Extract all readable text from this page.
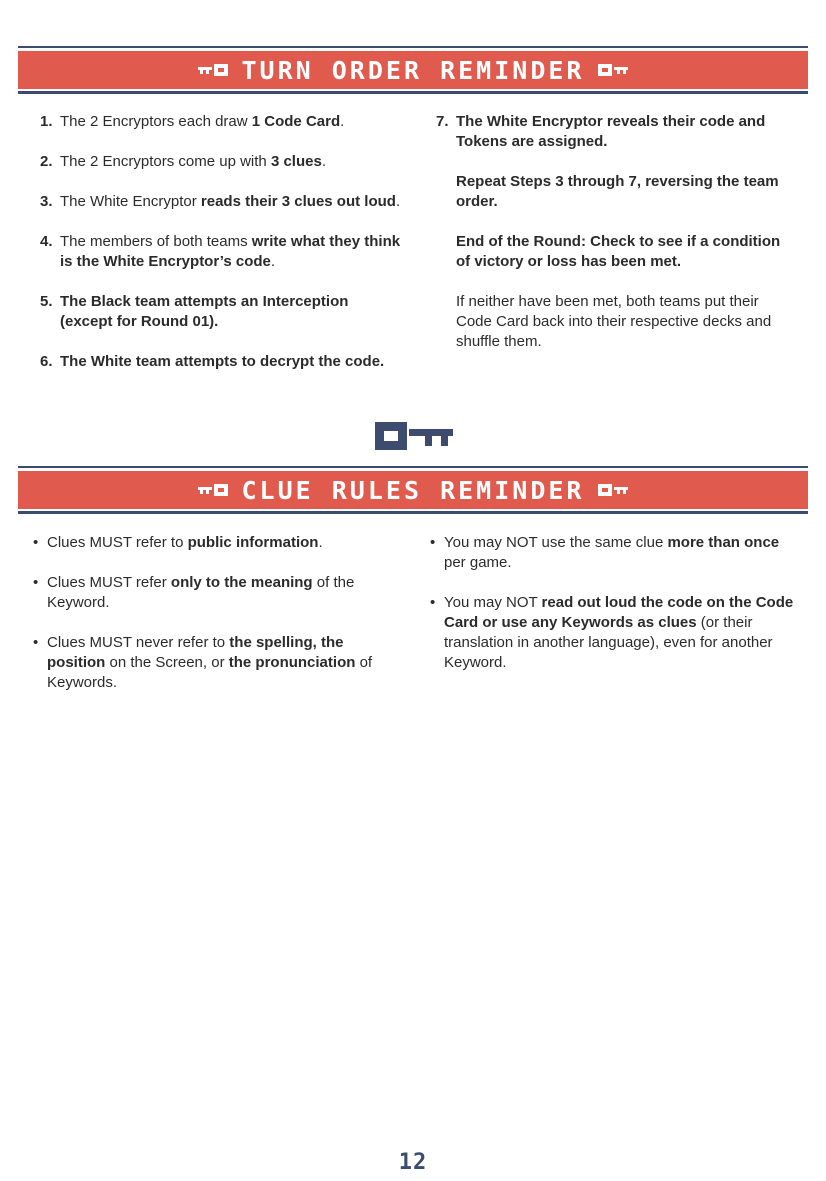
TURN ORDER REMINDER
1. The 2 Encryptors each draw 1 Code Card.
2. The 2 Encryptors come up with 3 clues.
3. The White Encryptor reads their 3 clues out loud.
4. The members of both teams write what they think is the White Encryptor’s code.
5. The Black team attempts an Interception (except for Round 01).
6. The White team attempts to decrypt the code.
7. The White Encryptor reveals their code and Tokens are assigned.
Repeat Steps 3 through 7, reversing the team order.
End of the Round: Check to see if a condition of victory or loss has been met.
If neither have been met, both teams put their Code Card back into their respective decks and shuffle them.
CLUE RULES REMINDER
• Clues MUST refer to public information.
• Clues MUST refer only to the meaning of the Keyword.
• Clues MUST never refer to the spelling, the position on the Screen, or the pronunciation of Keywords.
• You may NOT use the same clue more than once per game.
• You may NOT read out loud the code on the Code Card or use any Keywords as clues (or their translation in another language), even for another Keyword.
12
